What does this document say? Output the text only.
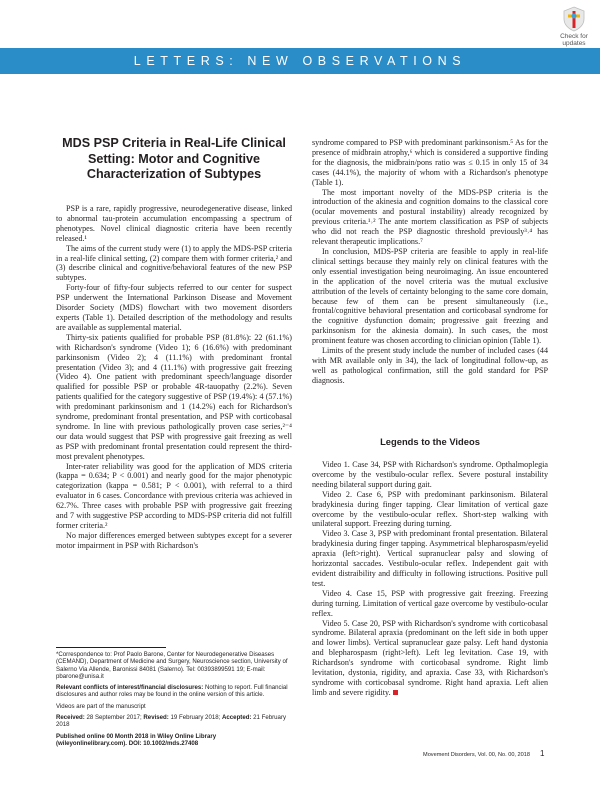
LETTERS: NEW OBSERVATIONS
Check for
updates
MDS PSP Criteria in Real-Life Clinical Setting: Motor and Cognitive Characterization of Subtypes

PSP is a rare, rapidly progressive, neurodegenerative disease, linked to abnormal tau-protein accumulation encompassing a spectrum of phenotypes. Novel clinical diagnostic criteria have been recently released.¹

The aims of the current study were (1) to apply the MDS-PSP criteria in a real-life clinical setting, (2) compare them with former criteria,² and (3) describe clinical and cognitive/behavioral features of the new PSP subtypes.

Forty-four of fifty-four subjects referred to our center for suspect PSP underwent the International Parkinson Disease and Movement Disorder Society (MDS) flowchart with two movement disorders experts (Table 1). Detailed description of the methodology and results are available as supplemental material.

Thirty-six patients qualified for probable PSP (81.8%): 22 (61.1%) with Richardson's syndrome (Video 1); 6 (16.6%) with predominant parkinsonism (Video 2); 4 (11.1%) with predominant frontal presentation (Video 3); and 4 (11.1%) with progressive gait freezing (Video 4). One patient with predominant speech/language disorder qualified for possible PSP or probable 4R-tauopathy (2.2%). Seven patients qualified for the category suggestive of PSP (19.4%): 4 (57.1%) with predominant parkinsonism and 1 (14.2%) each for Richardson's syndrome, predominant frontal presentation, and PSP with corticobasal syndrome. In line with previous pathologically proven case series,²⁻⁴ our data would suggest that PSP with progressive gait freezing as well as PSP with predominant frontal presentation could represent the third-most prevalent phenotypes.

Inter-rater reliability was good for the application of MDS criteria (kappa = 0.634; P < 0.001) and nearly good for the major phenotypic categorization (kappa = 0.581; P < 0.001), with referral to a third evaluator in 6 cases. Concordance with previous criteria was achieved in 62.7%. Three cases with probable PSP with progressive gait freezing and 7 with suggestive PSP according to MDS-PSP criteria did not fulfill former criteria.²

No major differences emerged between subtypes except for a severer motor impairment in PSP with Richardson's

*Correspondence to: Prof Paolo Barone, Center for Neurodegenerative Diseases (CEMAND), Department of Medicine and Surgery, Neuroscience section, University of Salerno Via Allende, Baronissi 84081 (Salerno). Tel: 00393899591 19; E-mail: pbarone@unisa.it
Relevant conflicts of interest/financial disclosures: Nothing to report. Full financial disclosures and author roles may be found in the online version of this article.
Videos are part of the manuscript
Received: 28 September 2017; Revised: 19 February 2018; Accepted: 21 February 2018
Published online 00 Month 2018 in Wiley Online Library
(wileyonlinelibrary.com). DOI: 10.1002/mds.27408

syndrome compared to PSP with predominant parkinsonism.⁵ As for the presence of midbrain atrophy,⁶ which is considered a supportive finding for the diagnosis, the midbrain/pons ratio was ≤ 0.15 in only 15 of 34 cases (44.1%), the majority of whom with a Richardson's phenotype (Table 1).

The most important novelty of the MDS-PSP criteria is the introduction of the akinesia and cognition domains to the classical core (ocular movements and postural instability) already recognized by previous criteria.¹˒² The ante mortem classification as PSP of subjects who did not reach the PSP diagnostic threshold previously³˒⁴ has relevant therapeutic implications.⁷

In conclusion, MDS-PSP criteria are feasible to apply in real-life clinical settings because they mainly rely on clinical features with the only essential investigation being neuroimaging. An issue encountered in the application of the novel criteria was the mutual exclusive attribution of the levels of certainty belonging to the same core domain, because few of them can be present simultaneously (i.e., frontal/cognitive behavioral presentation and corticobasal syndrome for the cognitive dysfunction domain; progressive gait freezing and parkinsonism for the akinesia domain). In such cases, the most prominent feature was chosen according to clinician opinion (Table 1).

Limits of the present study include the number of included cases (44 with MR available only in 34), the lack of longitudinal follow-up, as well as pathological confirmation, still the gold standard for PSP diagnosis.

Legends to the Videos

Video 1. Case 34, PSP with Richardson's syndrome. Opthalmoplegia overcome by the vestibulo-ocular reflex. Severe postural instability needing bilateral support during gait.

Video 2. Case 6, PSP with predominant parkinsonism. Bilateral bradykinesia during finger tapping. Clear limitation of vertical gaze overcome by the vestibulo-ocular reflex. Short-step walking with unilateral support. Freezing during turning.

Video 3. Case 3, PSP with predominant frontal presentation. Bilateral bradykinesia during finger tapping. Asymmetrical blepharospasm/eyelid apraxia (left>right). Vertical supranuclear palsy and slowing of horizzontal saccades. Vestibulo-ocular reflex. Independent gait with evident distraibility and difficulty in following istructions. Positive pull test.

Video 4. Case 15, PSP with progressive gait freezing. Freezing during turning. Limitation of vertical gaze overcome by vestibulo-ocular reflex.

Video 5. Case 20, PSP with Richardson's syndrome with corticobasal syndrome. Bilateral apraxia (predominant on the left side in both upper and lower limbs). Vertical supranuclear gaze palsy. Left hand dystonia and blepharospasm (right>left). Left leg levitation. Case 19, with Richardson's syndrome with corticobasal syndrome. Right limb levitation, dystonia, rigidity, and apraxia. Case 33, with Richardson's syndrome with corticobasal syndrome. Right hand apraxia. Left alien limb and severe rigidity.

Movement Disorders, Vol. 00, No. 00, 2018 1
